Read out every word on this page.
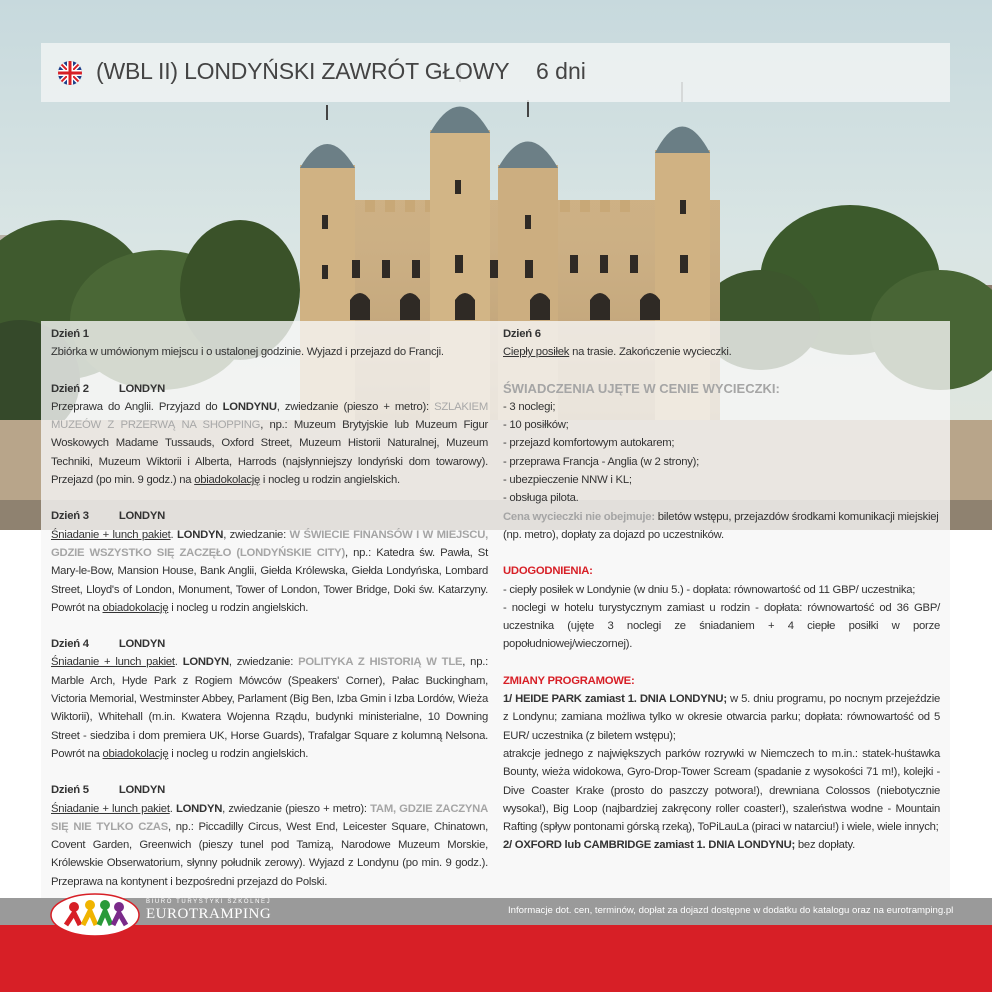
(WBL II) LONDYŃSKI ZAWRÓT GŁOWY 6 dni
Dzień 1

Zbiórka w umówionym miejscu i o ustalonej godzinie. Wyjazd i przejazd do Francji.

Dzień 2	LONDYN

Przeprawa do Anglii. Przyjazd do LONDYNU, zwiedzanie (pieszo + metro): SZLAKIEM MUZEÓW Z PRZERWĄ NA SHOPPING, np.: Muzeum Brytyjskie lub Muzeum Figur Woskowych Madame Tussauds, Oxford Street, Muzeum Historii Naturalnej, Muzeum Techniki, Muzeum Wiktorii i Alberta, Harrods (najsłynniejszy londyński dom towarowy). Przejazd (po min. 9 godz.) na obiadokolację i nocleg u rodzin angielskich.

Dzień 3	LONDYN

Śniadanie + lunch pakiet. LONDYN, zwiedzanie: W ŚWIECIE FINANSÓW I W MIEJSCU, GDZIE WSZYSTKO SIĘ ZACZĘŁO (LONDYŃSKIE CITY), np.: Katedra św. Pawła, St Mary-le-Bow, Mansion House, Bank Anglii, Giełda Królewska, Giełda Londyńska, Lombard Street, Lloyd's of London, Monument, Tower of London, Tower Bridge, Doki św. Katarzyny. Powrót na obiadokolację i nocleg u rodzin angielskich.

Dzień 4	LONDYN

Śniadanie + lunch pakiet. LONDYN, zwiedzanie: POLITYKA Z HISTORIĄ W TLE, np.: Marble Arch, Hyde Park z Rogiem Mówców (Speakers' Corner), Pałac Buckingham, Victoria Memorial, Westminster Abbey, Parlament (Big Ben, Izba Gmin i Izba Lordów, Wieża Wiktorii), Whitehall (m.in. Kwatera Wojenna Rządu, budynki ministerialne, 10 Downing Street - siedziba i dom premiera UK, Horse Guards), Trafalgar Square z kolumną Nelsona. Powrót na obiadokolację i nocleg u rodzin angielskich.

Dzień 5	LONDYN

Śniadanie + lunch pakiet. LONDYN, zwiedzanie (pieszo + metro): TAM, GDZIE ZACZYNA SIĘ NIE TYLKO CZAS, np.: Piccadilly Circus, West End, Leicester Square, Chinatown, Covent Garden, Greenwich (pieszy tunel pod Tamizą, Narodowe Muzeum Morskie, Królewskie Obserwatorium, słynny południk zerowy). Wyjazd z Londynu (po min. 9 godz.). Przeprawa na kontynent i bezpośredni przejazd do Polski.

Dzień 6

Ciepły posiłek na trasie. Zakończenie wycieczki.

ŚWIADCZENIA UJĘTE W CENIE WYCIECZKI:
- 3 noclegi;
- 10 posiłków;
- przejazd komfortowym autokarem;
- przeprawa Francja - Anglia (w 2 strony);
- ubezpieczenie NNW i KL;
- obsługa pilota.

Cena wycieczki nie obejmuje: biletów wstępu, przejazdów środkami komunikacji miejskiej (np. metro), dopłaty za dojazd po uczestników.

UDOGODNIENIA:

- ciepły posiłek w Londynie (w dniu 5.) - dopłata: równowartość od 11 GBP/ uczestnika;

- noclegi w hotelu turystycznym zamiast u rodzin - dopłata: równowartość od 36 GBP/ uczestnika (ujęte 3 noclegi ze śniadaniem + 4 ciepłe posiłki w porze popołudniowej/wieczornej).

ZMIANY PROGRAMOWE:

1/ HEIDE PARK zamiast 1. DNIA LONDYNU; w 5. dniu programu, po nocnym przejeździe z Londynu; zamiana możliwa tylko w okresie otwarcia parku; dopłata: równowartość od 5 EUR/ uczestnika (z biletem wstępu);

atrakcje jednego z największych parków rozrywki w Niemczech to m.in.: statek-huśtawka Bounty, wieża widokowa, Gyro-Drop-Tower Scream (spadanie z wysokości 71 m!), kolejki - Dive Coaster Krake (prosto do paszczy potwora!), drewniana Colossos (niebotycznie wysoka!), Big Loop (najbardziej zakręcony roller coaster!), szaleństwa wodne - Mountain Rafting (spływ pontonami górską rzeką), ToPiLauLa (piraci w natarciu!) i wiele, wiele innych;

2/ OXFORD lub CAMBRIDGE zamiast 1. DNIA LONDYNU; bez dopłaty.

BIURO TURYSTYKI SZKOLNEJ
EUROTRAMPING	Informacje dot. cen, terminów, dopłat za dojazd dostępne w dodatku do katalogu oraz na eurotramping.pl
